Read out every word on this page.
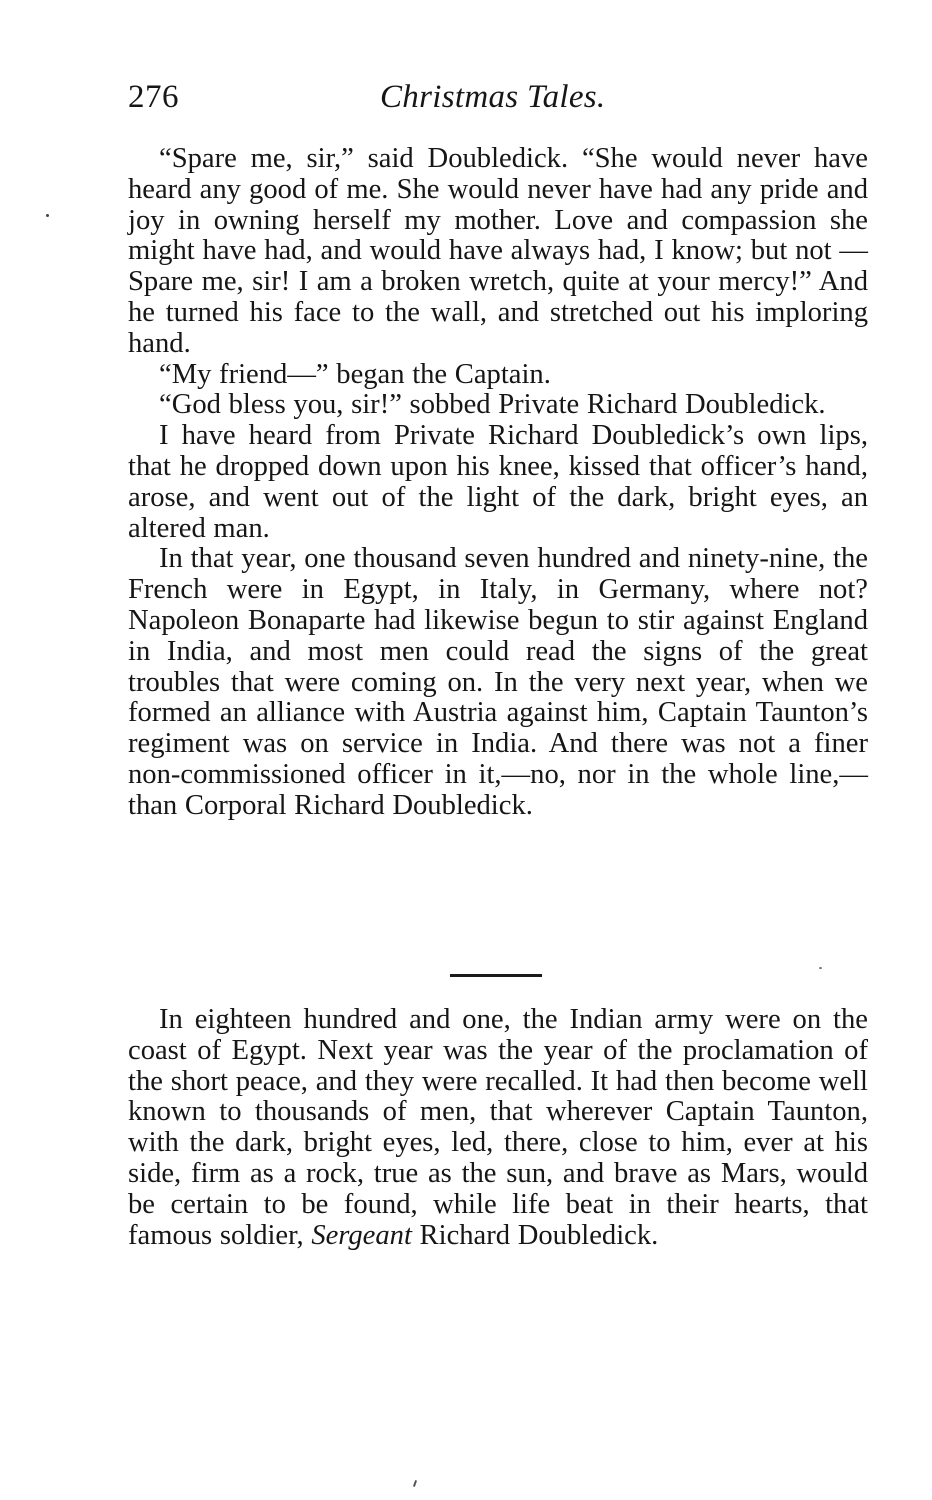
276	Christmas Tales.

“Spare me, sir,” said Doubledick. “She would never have heard any good of me. She would never have had any pride and joy in owning herself my mother. Love and compassion she might have had, and would have always had, I know; but not —Spare me, sir! I am a broken wretch, quite at your mercy!” And he turned his face to the wall, and stretched out his imploring hand.

“My friend—” began the Captain.

“God bless you, sir!” sobbed Private Richard Doubledick.

I have heard from Private Richard Doubledick’s own lips, that he dropped down upon his knee, kissed that officer’s hand, arose, and went out of the light of the dark, bright eyes, an altered man.

In that year, one thousand seven hundred and ninety-nine, the French were in Egypt, in Italy, in Germany, where not? Napoleon Bonaparte had likewise begun to stir against England in India, and most men could read the signs of the great troubles that were coming on. In the very next year, when we formed an alliance with Austria against him, Captain Taunton’s regiment was on service in India. And there was not a finer non-commissioned officer in it,—no, nor in the whole line,—than Corporal Richard Doubledick.

In eighteen hundred and one, the Indian army were on the coast of Egypt. Next year was the year of the proclamation of the short peace, and they were recalled. It had then become well known to thousands of men, that wherever Captain Taunton, with the dark, bright eyes, led, there, close to him, ever at his side, firm as a rock, true as the sun, and brave as Mars, would be certain to be found, while life beat in their hearts, that famous soldier, Sergeant Richard Doubledick.
